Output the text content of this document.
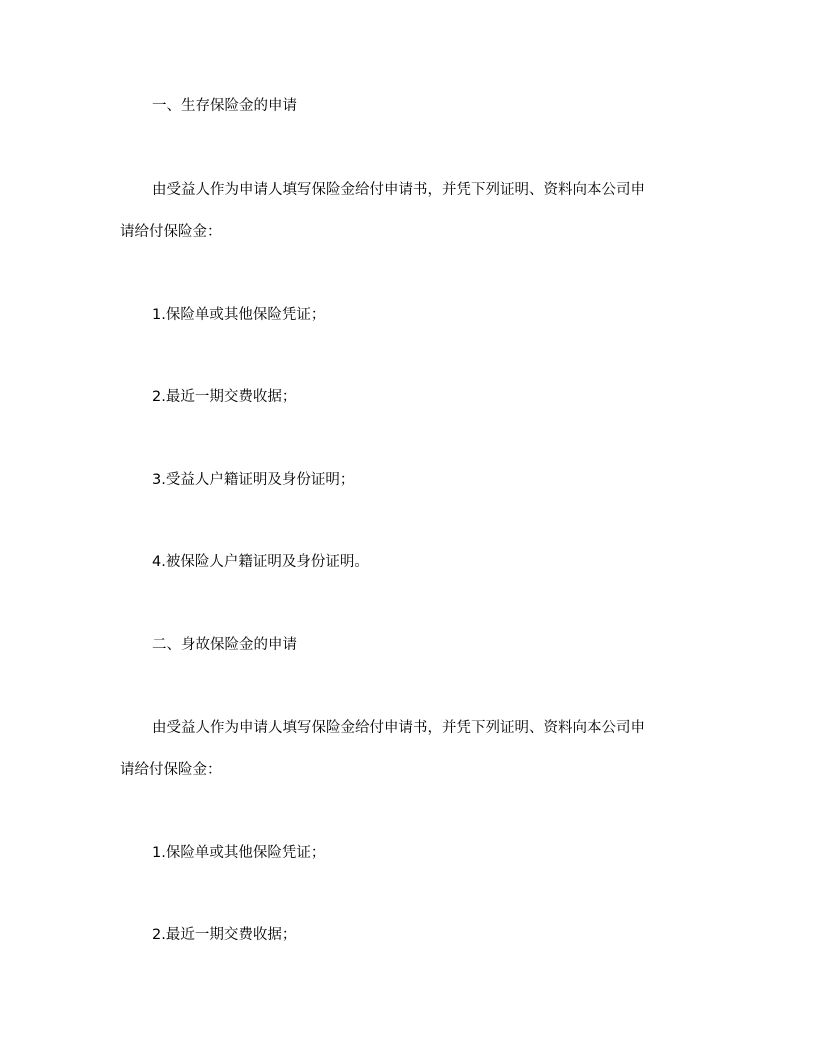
一、生存保险金的申请
由受益人作为申请人填写保险金给付申请书，并凭下列证明、资料向本公司申
请给付保险金：
1.保险单或其他保险凭证；
2.最近一期交费收据；
3.受益人户籍证明及身份证明；
4.被保险人户籍证明及身份证明。
二、身故保险金的申请
由受益人作为申请人填写保险金给付申请书，并凭下列证明、资料向本公司申
请给付保险金：
1.保险单或其他保险凭证；
2.最近一期交费收据；
